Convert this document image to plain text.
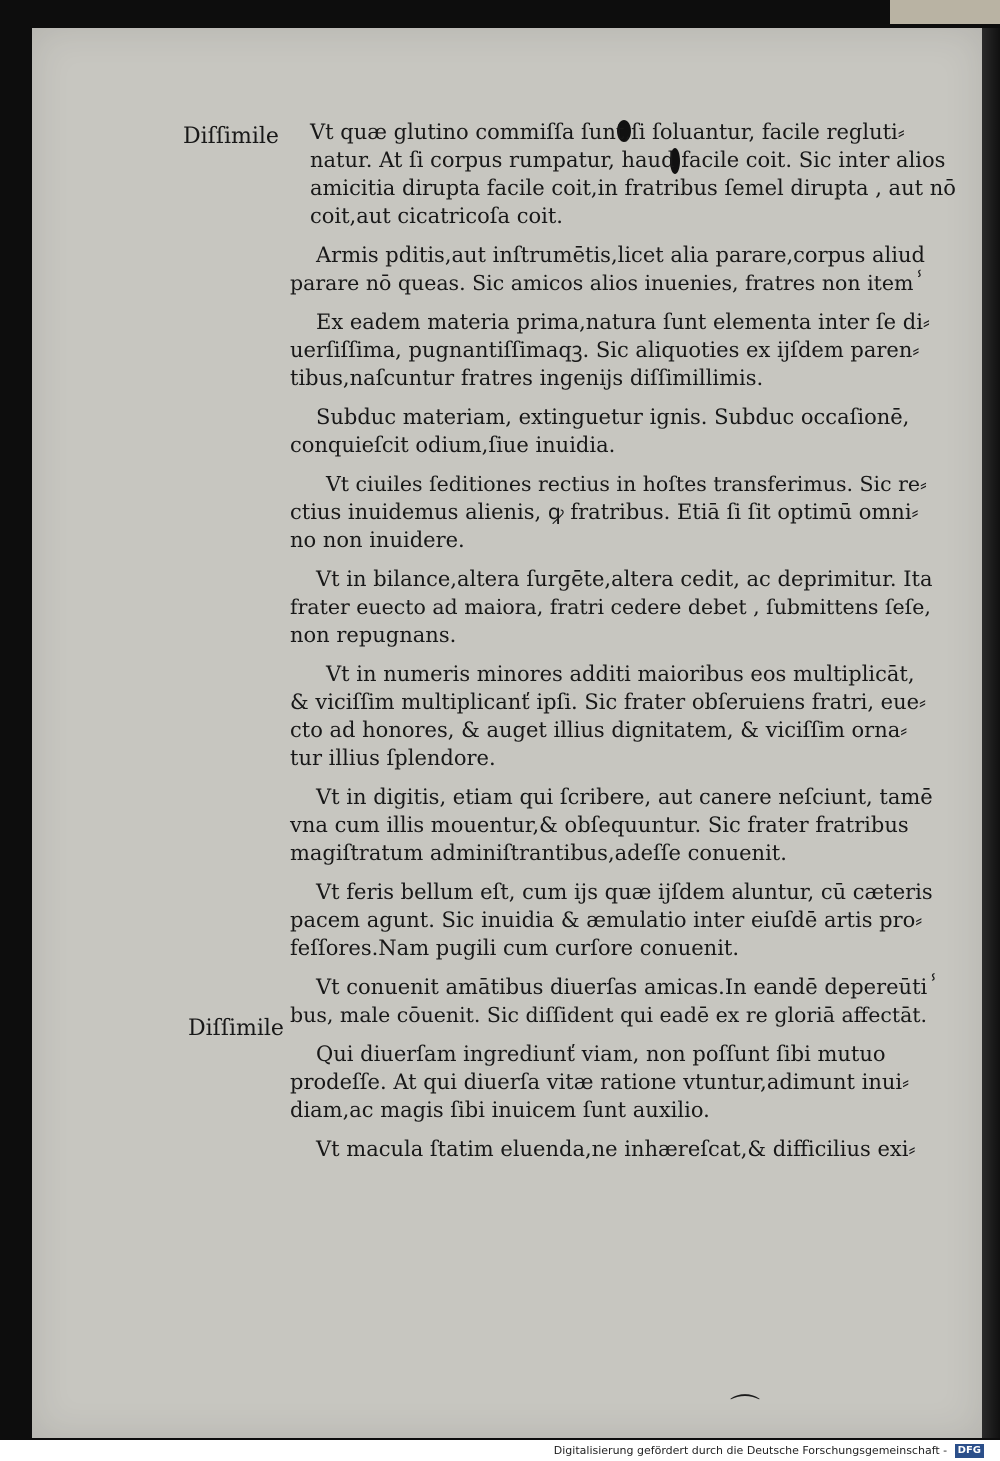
Diſſimile
Diſſimile

Vt quæ glutino commiſſa ſunt,ſi ſoluantur, facile regluti⸗
natur. At ſi corpus rumpatur, haud facile coit. Sic inter alios
amicitia dirupta facile coit,in fratribus ſemel dirupta , aut nō
coit,aut cicatricoſa coit.

Armis pditis,aut inſtrumētis,licet alia parare,corpus aliud
parare nō queas. Sic amicos alios inuenies, fratres non itemⸯ

Ex eadem materia prima,natura ſunt elementa inter ſe di⸗
uerſiſſima, pugnantiſſimaqꝫ. Sic aliquoties ex ijſdem paren⸗
tibus,naſcuntur fratres ingenijs diſſimillimis.

Subduc materiam, extinguetur ignis. Subduc occaſionē,
conquieſcit odium,ſiue inuidia.

Vt ciuiles ſeditiones rectius in hoſtes transferimus. Sic re⸗
ctius inuidemus alienis, ꝙ fratribus. Etiā ſi ſit optimū omni⸗
no non inuidere.

Vt in bilance,altera ſurgēte,altera cedit, ac deprimitur. Ita
frater euecto ad maiora, fratri cedere debet , ſubmittens ſeſe,
non repugnans.

Vt in numeris minores additi maioribus eos multiplicāt,
& viciſſim multiplicanť ipſi. Sic frater obſeruiens fratri, eue⸗
cto ad honores, & auget illius dignitatem, & viciſſim orna⸗
tur illius ſplendore.

Vt in digitis, etiam qui ſcribere, aut canere neſciunt, tamē
vna cum illis mouentur,& obſequuntur. Sic frater fratribus
magiſtratum adminiſtrantibus,adeſſe conuenit.

Vt feris bellum eſt, cum ijs quæ ijſdem aluntur, cū cæteris
pacem agunt. Sic inuidia & æmulatio inter eiuſdē artis pro⸗
feſſores.Nam pugili cum curſore conuenit.

Vt conuenit amātibus diuerſas amicas.In eandē depereūtiⸯ
bus, male cōuenit. Sic diſſident qui eadē ex re gloriā affectāt.

Qui diuerſam ingrediunť viam, non poſſunt ſibi mutuo
prodeſſe. At qui diuerſa vitæ ratione vtuntur,adimunt inui⸗
diam,ac magis ſibi inuicem ſunt auxilio.

Vt macula ſtatim eluenda,ne inhæreſcat,& difficilius exi⸗

⌒
Digitalisierung gefördert durch die Deutsche Forschungsgemeinschaft - DFG
